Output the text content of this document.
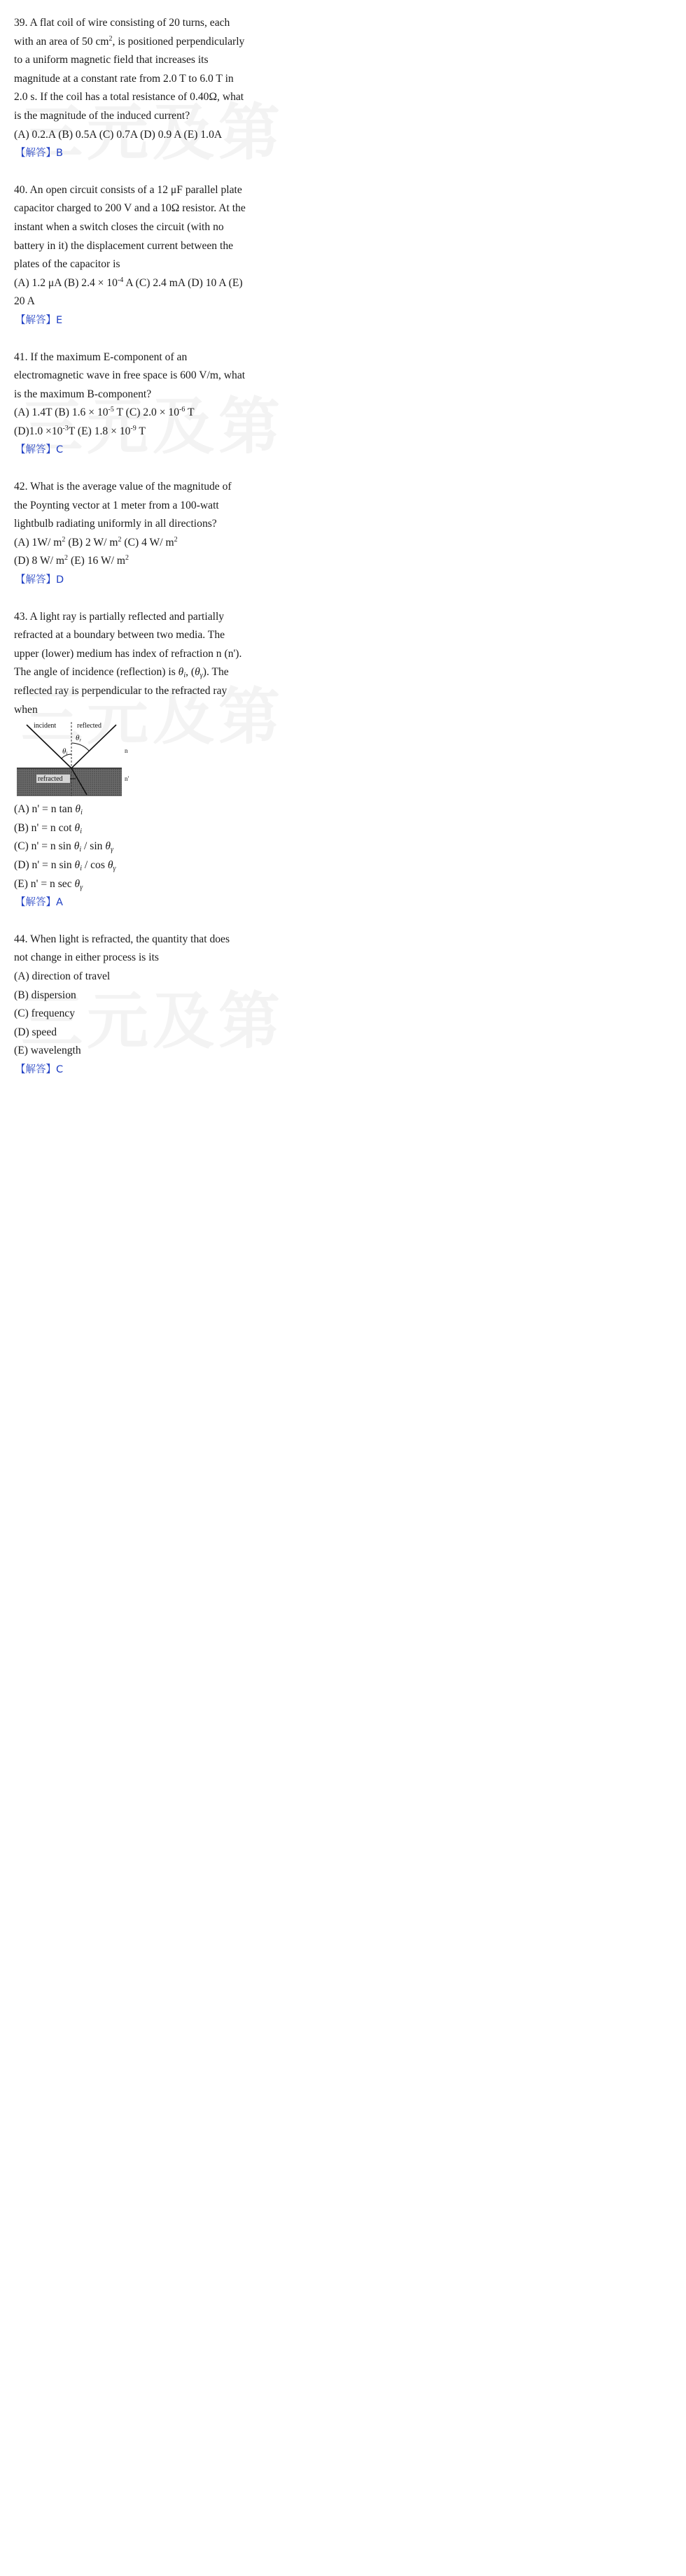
39. A flat coil of wire consisting of 20 turns, each
with an area of 50 $cm^2$, is positioned perpendicularly
to a uniform magnetic field that increases its
magnitude at a constant rate from 2.0 T to 6.0 T in
2.0 s. If the coil has a total resistance of 0.40Ω, what
is the magnitude of the induced current?
(A) 0.2.A (B) 0.5A (C) 0.7A (D) 0.9 A (E) 1.0A
【解答】B
40. An open circuit consists of a 12 μF parallel plate
capacitor charged to 200 V and a 10Ω resistor. At the
instant when a switch closes the circuit (with no
battery in it) the displacement current between the
plates of the capacitor is
(A) 1.2 μA (B) $2.4 \times 10^{-4}$ A (C) 2.4 mA (D) 10 A (E)
20 A
【解答】E
41. If the maximum E-component of an
electromagnetic wave in free space is 600 V/m, what
is the maximum B-component?
(A) 1.4T (B) $1.6 \times 10^{-5}$ T (C) $2.0 \times 10^{-6}$ T
$(D)1.0 \times 10^{-3}T$ (E) $1.8 \times 10^{-9}$ T
【解答】C
42. What is the average value of the magnitude of
the Poynting vector at 1 meter from a 100-watt
lightbulb radiating uniformly in all directions?
(A) 1W/ $m^2$ (B) 2 W/ $m^2$ (C) 4 W/ $m^2$
(D) 8 W/ $m^2$ (E) 16 W/ $m^2$
【解答】D
43. A light ray is partially reflected and partially
refracted at a boundary between two media. The
upper (lower) medium has index of refraction n (n').
The angle of incidence (reflection) is $\theta_i$, $(\theta_\gamma)$. The
reflected ray is perpendicular to the refracted ray
when
incident	reflected
θi
θr
n
n'
refracted
(A) n' = n $\tan \theta_i$
(B) n' = n $\cot \theta_i$
(C) n' = n $\sin \theta_i$ / $\sin \theta_\gamma$
(D) n' = n $\sin \theta_i$ / $\cos \theta_\gamma$
(E) n' = n $\sec \theta_\gamma$
【解答】A
44. When light is refracted, the quantity that does
not change in either process is its
(A) direction of travel
(B) dispersion
(C) frequency
(D) speed
(E) wavelength
【解答】C
